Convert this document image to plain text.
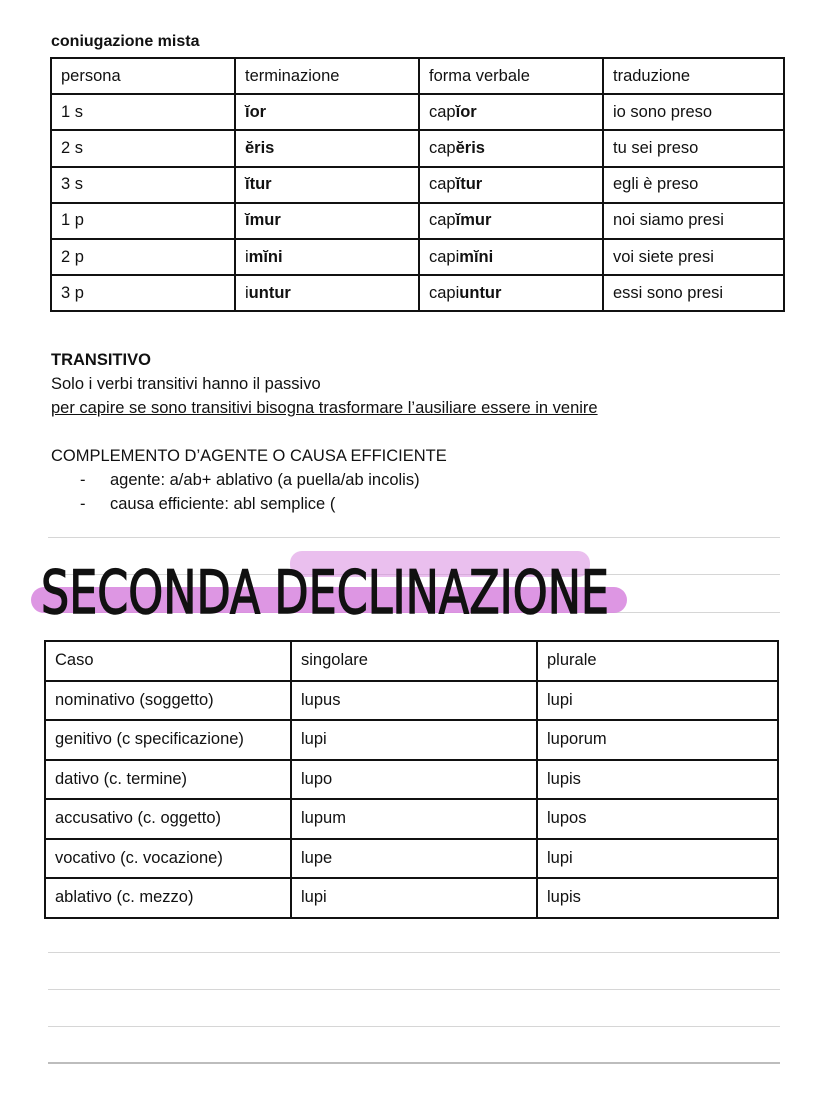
coniugazione mista
persona	terminazione	forma verbale	traduzione
1 s	ĭor	capĭor	io sono preso
2 s	ĕris	capĕris	tu sei preso
3 s	ĭtur	capĭtur	egli è preso
1 p	ĭmur	capĭmur	noi siamo presi
2 p	imĭni	capimĭni	voi siete presi
3 p	iuntur	capiuntur	essi sono presi
TRANSITIVO
Solo i verbi transitivi hanno il passivo
per capire se sono transitivi bisogna trasformare l’ausiliare essere in venire
COMPLEMENTO D’AGENTE O CAUSA EFFICIENTE
- agente: a/ab+ ablativo (a puella/ab incolis)
- causa efficiente: abl semplice (
SECONDA DECLINAZIONE
Caso	singolare	plurale
nominativo (soggetto)	lupus	lupi
genitivo (c specificazione)	lupi	luporum
dativo (c. termine)	lupo	lupis
accusativo (c. oggetto)	lupum	lupos
vocativo (c. vocazione)	lupe	lupi
ablativo (c. mezzo)	lupi	lupis
